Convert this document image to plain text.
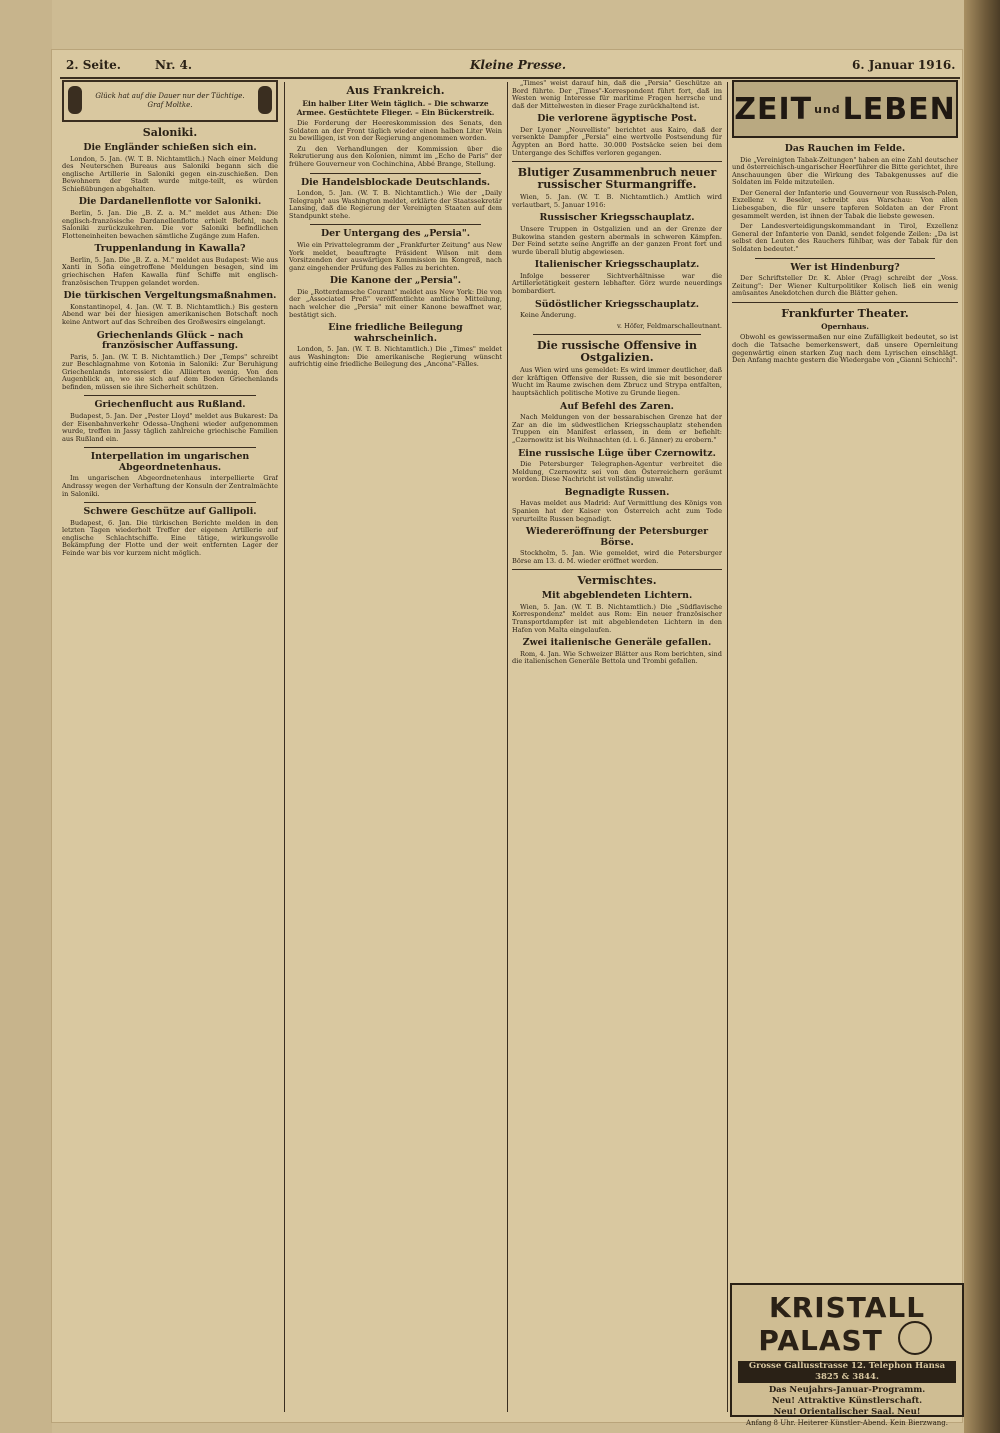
2. Seite.	Nr. 4.	Kleine Presse.	6. Januar 1916.
Glück hat auf die Dauer nur der Tüchtige.
Graf Moltke.
Saloniki.
Die Engländer schießen sich ein.

London, 5. Jan. (W. T. B. Nichtamtlich.) Nach einer Meldung des Neuterschen Bureaus aus Saloniki begann sich die englische Artillerie in Saloniki gegen ein-zuschießen. Den Bewohnern der Stadt wurde mitge-teilt, es würden Schießübungen abgehalten.

Die Dardanellenflotte vor Saloniki.

Berlin, 5. Jan. Die „B. Z. a. M." meldet aus Athen: Die englisch-französische Dardanellenflotte erhielt Befehl, nach Saloniki zurückzukehren. Die vor Saloniki befindlichen Flotteneinheiten bewachen sämtliche Zugänge zum Hafen.

Truppenlandung in Kawalla?

Berlin, 5. Jan. Die „B. Z. a. M." meldet aus Budapest: Wie aus Xanti in Sofia eingetroffene Meldungen besagen, sind im griechischen Hafen Kawalla fünf Schiffe mit englisch-französischen Truppen gelandet worden.

Die türkischen Vergeltungsmaßnahmen.

Konstantinopel, 4. Jan. (W. T. B. Nichtamtlich.) Bis gestern Abend war bei der hiesigen amerikanischen Botschaft noch keine Antwort auf das Schreiben des Großwesirs eingelangt.

Griechenlands Glück – nach französischer Auffassung.

Paris, 5. Jan. (W. T. B. Nichtamtlich.) Der „Temps" schreibt zur Beschlagnahme von Kotonia in Saloniki: Zur Beruhigung Griechenlands interessiert die Alliierten wenig. Von den Augenblick an, wo sie sich auf dem Boden Griechenlands befinden, müssen sie ihre Sicherheit schützen.

Griechenflucht aus Rußland.

Budapest, 5. Jan. Der „Pester Lloyd" meldet aus Bukarest: Da der Eisenbahnverkehr Odessa–Ungheni wieder aufgenommen wurde, treffen in Jassy täglich zahlreiche griechische Familien aus Rußland ein.

Interpellation im ungarischen Abgeordnetenhaus.

Im ungarischen Abgeordnetenhaus interpellierte Graf Andrassy wegen der Verhaftung der Konsuln der Zentralmächte in Saloniki.

Schwere Geschütze auf Gallipoli.

Budapest, 6. Jan. Die türkischen Berichte melden in den letzten Tagen wiederholt Treffer der eigenen Artillerie auf englische Schlachtschiffe. Eine tätige, wirkungsvolle Bekämpfung der Flotte und der weit entfernten Lager der Feinde war bis vor kurzem nicht möglich.

Aus Frankreich.
Ein halber Liter Wein täglich. – Die schwarze Armee. Gestüchtete Flieger. – Ein Bückerstreik.

Die Forderung der Heereskommission des Senats, den Soldaten an der Front täglich wieder einen halben Liter Wein zu bewilligen, ist von der Regierung angenommen worden.

Zu den Verhandlungen der Kommission über die Rekrutierung aus den Kolonien, nimmt im „Echo de Paris" der frühere Gouverneur von Cochinchina, Abbé Brange, Stellung.

Die Handelsblockade Deutschlands.

London, 5. Jan. (W. T. B. Nichtamtlich.) Wie der „Daily Telegraph" aus Washington meldet, erklärte der Staatssekretär Lansing, daß die Regierung der Vereinigten Staaten auf dem Standpunkt stehe.

Der Untergang des „Persia".

Wie ein Privattelegramm der „Frankfurter Zeitung" aus New York meldet, beauftragte Präsident Wilson mit dem Vorsitzenden der auswärtigen Kommission im Kongreß, nach ganz eingehender Prüfung des Falles zu berichten.

Die Kanone der „Persia".

Die „Rotterdamsche Courant" meldet aus New York: Die von der „Associated Preß" veröffentlichte amtliche Mitteilung, nach welcher die „Persia" mit einer Kanone bewaffnet war, bestätigt sich.

Eine friedliche Beilegung wahrscheinlich.

London, 5. Jan. (W. T. B. Nichtamtlich.) Die „Times" meldet aus Washington: Die amerikanische Regierung wünscht aufrichtig eine friedliche Beilegung des „Ancona"-Falles.

„Times" weist darauf hin, daß die „Persia" Geschütze an Bord führte. Der „Times"-Korrespondent führt fort, daß im Westen wenig Interesse für maritime Fragen herrsche und daß der Mittelwesten in dieser Frage zurückhaltend ist.

Die verlorene ägyptische Post.

Der Lyoner „Nouvelliste" berichtet aus Kairo, daß der versenkte Dampfer „Persia" eine wertvolle Postsendung für Ägypten an Bord hatte. 30.000 Postsäcke seien bei dem Untergange des Schiffes verloren gegangen.

Blutiger Zusammenbruch neuer russischer Sturmangriffe.

Wien, 5. Jan. (W. T. B. Nichtamtlich.) Amtlich wird verlautbart, 5. Januar 1916:

Russischer Kriegsschauplatz.

Unsere Truppen in Ostgalizien und an der Grenze der Bukowina standen gestern abermals in schweren Kämpfen. Der Feind setzte seine Angriffe an der ganzen Front fort und wurde überall blutig abgewiesen.

Italienischer Kriegsschauplatz.

Infolge besserer Sichtverhältnisse war die Artillerietätigkeit gestern lebhafter. Görz wurde neuerdings bombardiert.

Südöstlicher Kriegsschauplatz.

Keine Änderung.

v. Höfer, Feldmarschalleutnant.

Die russische Offensive in Ostgalizien.

Aus Wien wird uns gemeldet: Es wird immer deutlicher, daß der kräftigen Offensive der Russen, die sie mit besonderer Wucht im Raume zwischen dem Zbrucz und Strypa entfalten, hauptsächlich politische Motive zu Grunde liegen.

Auf Befehl des Zaren.

Nach Meldungen von der bessarabischen Grenze hat der Zar an die im südwestlichen Kriegsschauplatz stehenden Truppen ein Manifest erlassen, in dem er befiehlt: „Czernowitz ist bis Weihnachten (d. i. 6. Jänner) zu erobern."

Eine russische Lüge über Czernowitz.

Die Petersburger Telegraphen-Agentur verbreitet die Meldung, Czernowitz sei von den Österreichern geräumt worden. Diese Nachricht ist vollständig unwahr.

Begnadigte Russen.

Havas meldet aus Madrid: Auf Vermittlung des Königs von Spanien hat der Kaiser von Österreich acht zum Tode verurteilte Russen begnadigt.

Wiedereröffnung der Petersburger Börse.

Stockholm, 5. Jan. Wie gemeldet, wird die Petersburger Börse am 13. d. M. wieder eröffnet werden.

Vermischtes.
Mit abgeblendeten Lichtern.

Wien, 5. Jan. (W. T. B. Nichtamtlich.) Die „Südflavische Korrespondenz" meldet aus Rom: Ein neuer französischer Transportdampfer ist mit abgeblendeten Lichtern in den Hafen von Malta eingelaufen.

Zwei italienische Generäle gefallen.

Rom, 4. Jan. Wie Schweizer Blätter aus Rom berichten, sind die italienischen Generäle Bettola und Trombi gefallen.

ZEIT und LEBEN
Das Rauchen im Felde.

Die „Vereinigten Tabak-Zeitungen" haben an eine Zahl deutscher und österreichisch-ungarischer Heerführer die Bitte gerichtet, ihre Anschauungen über die Wirkung des Tabakgenusses auf die Soldaten im Felde mitzuteilen.

Der General der Infanterie und Gouverneur von Russisch-Polen, Exzellenz v. Beseler, schreibt aus Warschau: Von allen Liebesgaben, die für unsere tapferen Soldaten an der Front gesammelt werden, ist ihnen der Tabak die liebste gewesen.

Der Landesverteidigungskommandant in Tirol, Exzellenz General der Infanterie von Dankl, sendet folgende Zeilen: „Da ist selbst den Leuten des Rauchers fühlbar, was der Tabak für den Soldaten bedeutet."

Wer ist Hindenburg?

Der Schriftsteller Dr. K. Abler (Prag) schreibt der „Voss. Zeitung": Der Wiener Kulturpolitiker Kolisch ließ ein wenig amüsantes Anekdotchen durch die Blätter gehen.

Frankfurter Theater.
Opernhaus.

Obwohl es gewissermaßen nur eine Zufälligkeit bedeutet, so ist doch die Tatsache bemerkenswert, daß unsere Opernleitung gegenwärtig einen starken Zug nach dem Lyrischen einschlägt. Den Anfang machte gestern die Wiedergabe von „Gianni Schicchi".

KRISTALL PALAST
Grosse Gallusstrasse 12. Telephon Hansa 3825 & 3844.
Das Neujahrs-Januar-Programm.
Neu! Attraktive Künstlerschaft.
Neu! Orientalischer Saal. Neu!
Anfang 8 Uhr. Heiterer Künstler-Abend. Kein Bierzwang.
